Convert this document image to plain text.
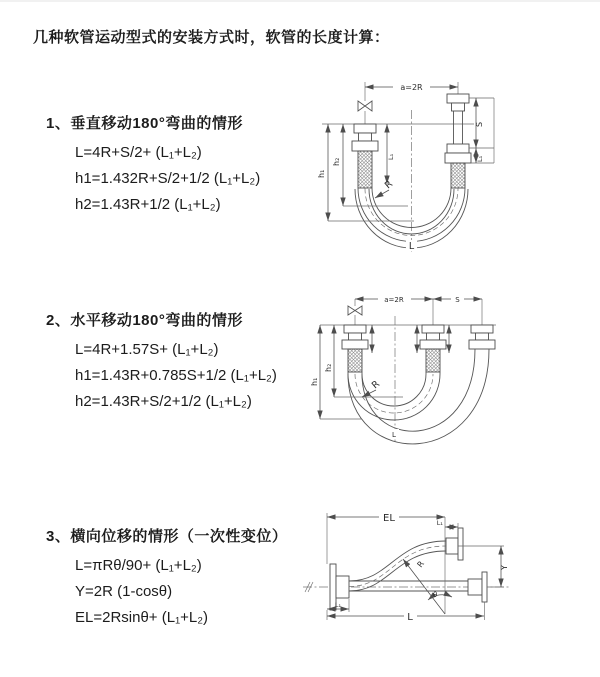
几种软管运动型式的安装方式时，软管的长度计算：
1、垂直移动180°弯曲的情形
L=4R+S/2+ (L₁+L₂)
h1=1.432R+S/2+1/2 (L₁+L₂)
h2=1.43R+1/2 (L₁+L₂)
a=2R
h₁
h₂
L₁
S
L₁
R
L
2、水平移动180°弯曲的情形
L=4R+1.57S+ (L₁+L₂)
h1=1.43R+0.785S+1/2 (L₁+L₂)
h2=1.43R+S/2+1/2 (L₁+L₂)
a=2R	S
h₁
h₂
R
L
3、横向位移的情形（一次性变位）
L=πRθ/90+ (L₁+L₂)
Y=2R (1-cosθ)
EL=2Rsinθ+ (L₁+L₂)
EL	L₁
Y
L
L₁
R
θ
